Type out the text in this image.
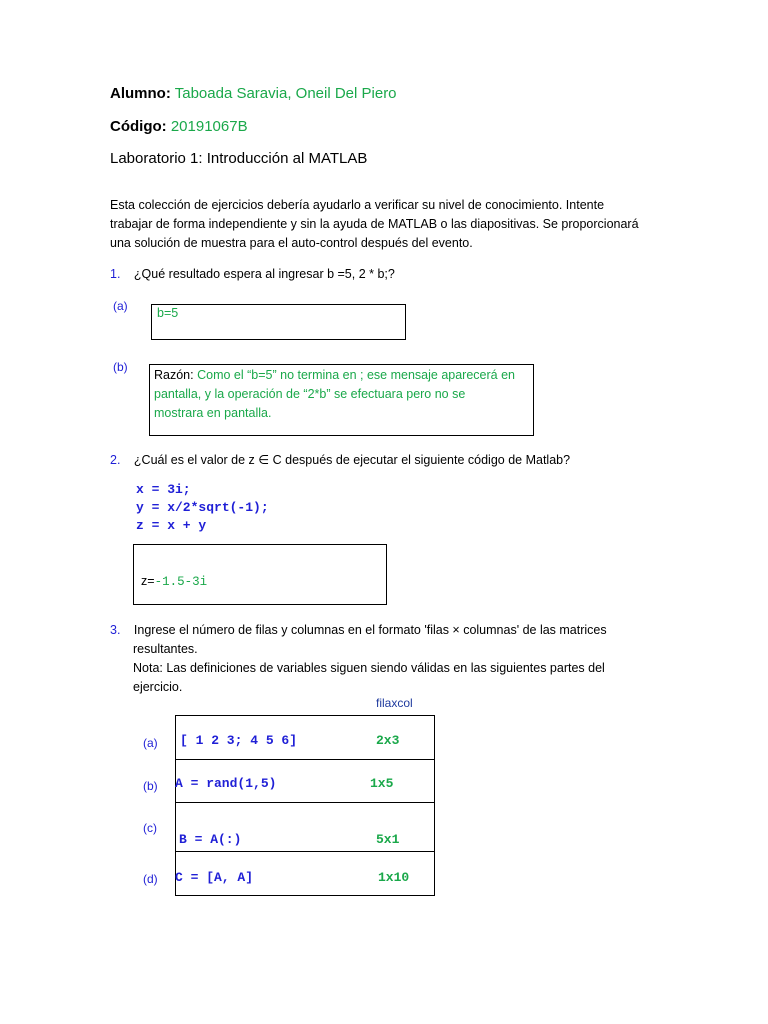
Alumno: Taboada Saravia, Oneil Del Piero
Código: 20191067B
Laboratorio 1: Introducción al MATLAB
Esta colección de ejercicios debería ayudarlo a verificar su nivel de conocimiento. Intente
trabajar de forma independiente y sin la ayuda de MATLAB o las diapositivas. Se proporcionará
una solución de muestra para el auto-control después del evento.
1. ¿Qué resultado espera al ingresar b =5, 2 * b;?
(a) b=5
(b)
Razón: Como el “b=5” no termina en ; ese mensaje aparecerá en
pantalla, y la operación de “2*b” se efectuara pero no se
mostrara en pantalla.
2. ¿Cuál es el valor de z ∈ C después de ejecutar el siguiente código de Matlab?
x = 3i;
y = x/2*sqrt(-1);
z = x + y
z=-1.5-3i
3. Ingrese el número de filas y columnas en el formato 'filas × columnas' de las matrices
resultantes.
Nota: Las definiciones de variables siguen siendo válidas en las siguientes partes del
ejercicio.
filaxcol
(a) [ 1 2 3; 4 5 6]	2x3
(b) A = rand(1,5)	1x5
(c)
B = A(:)	5x1
(d) C = [A, A]	1x10
